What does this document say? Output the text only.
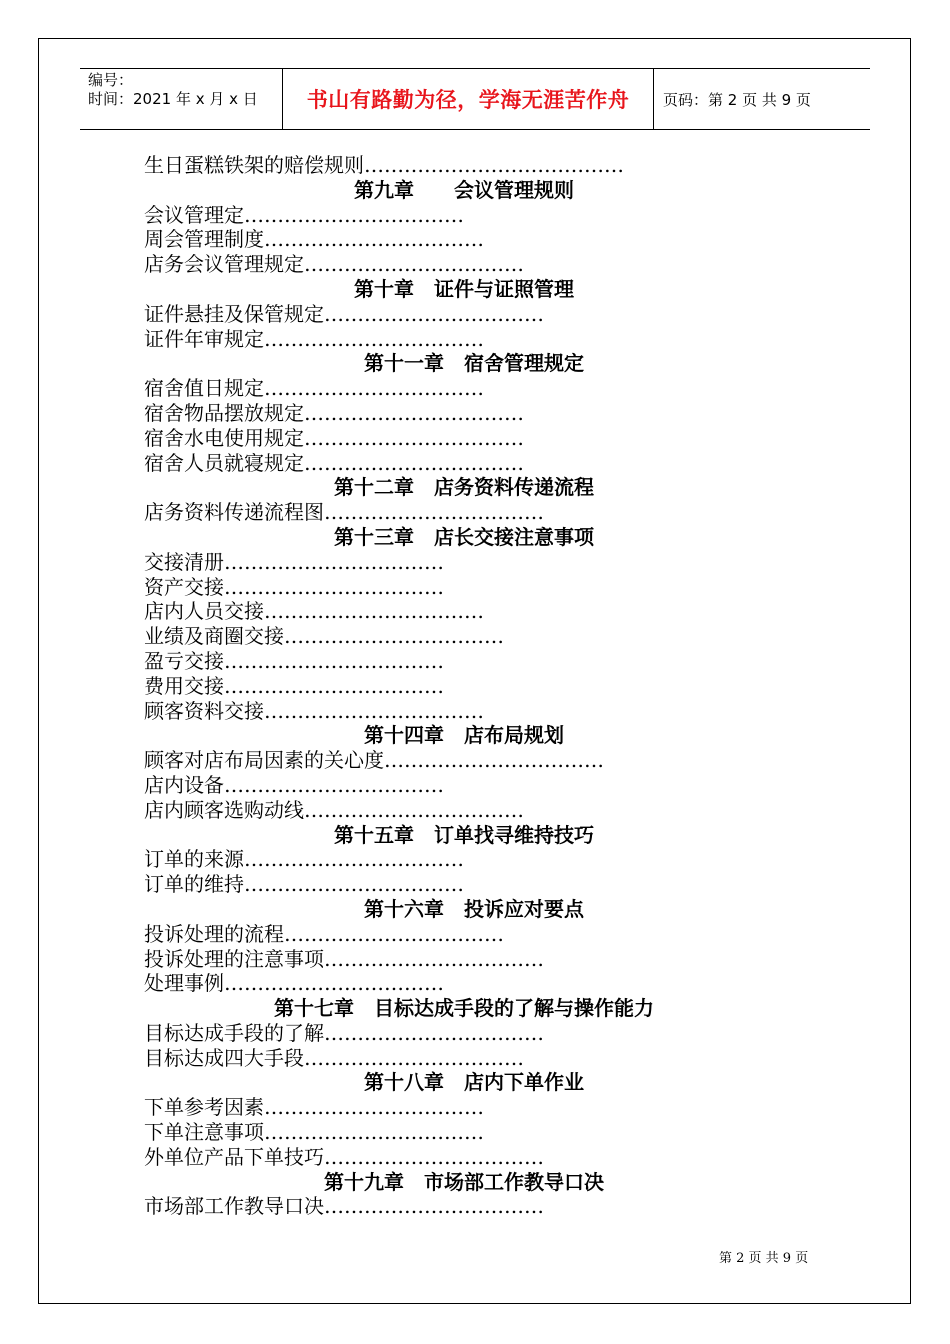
编号：
时间：2021 年 x 月 x 日	书山有路勤为径，学海无涯苦作舟	页码：第 2 页 共 9 页
生日蛋糕铁架的赔偿规则…………………………………
第九章　　会议管理规则
会议管理定……………………………
周会管理制度……………………………
店务会议管理规定……………………………
第十章　证件与证照管理
证件悬挂及保管规定……………………………
证件年审规定……………………………
　第十一章　宿舍管理规定
宿舍值日规定……………………………
宿舍物品摆放规定……………………………
宿舍水电使用规定……………………………
宿舍人员就寝规定……………………………
第十二章　店务资料传递流程
店务资料传递流程图……………………………
第十三章　店长交接注意事项
交接清册……………………………
资产交接……………………………
店内人员交接……………………………
业绩及商圈交接……………………………
盈亏交接……………………………
费用交接……………………………
顾客资料交接……………………………
第十四章　店布局规划
顾客对店布局因素的关心度……………………………
店内设备……………………………
店内顾客选购动线……………………………
第十五章　订单找寻维持技巧
订单的来源……………………………
订单的维持……………………………
　第十六章　投诉应对要点
投诉处理的流程……………………………
投诉处理的注意事项……………………………
处理事例……………………………
第十七章　目标达成手段的了解与操作能力
目标达成手段的了解……………………………
目标达成四大手段……………………………
　第十八章　店内下单作业
下单参考因素……………………………
下单注意事项……………………………
外单位产品下单技巧……………………………
第十九章　市场部工作教导口决
市场部工作教导口决……………………………
第 2 页 共 9 页
